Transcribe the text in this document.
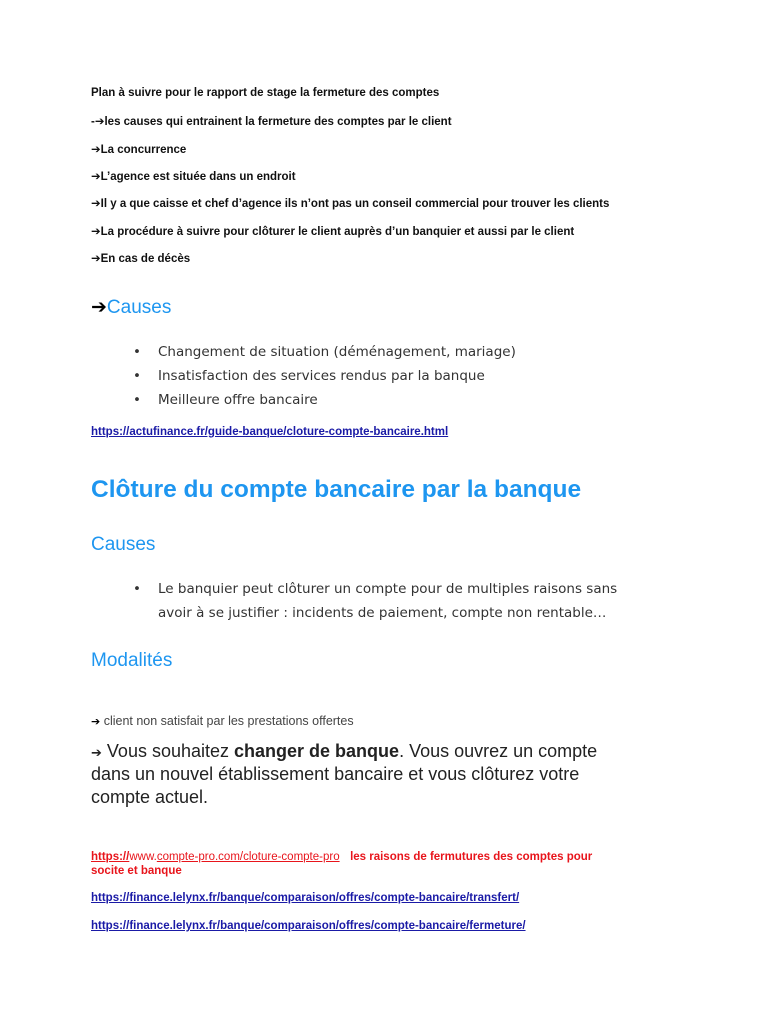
Plan à suivre pour le rapport de stage la fermeture des comptes
-➔les causes qui entrainent la fermeture des comptes par le client
➔La concurrence
➔L’agence est située dans un endroit
➔Il y a que caisse et chef d’agence ils n’ont pas un conseil commercial pour trouver les clients
➔La procédure à suivre pour clôturer le client auprès d’un banquier et aussi par le client
➔En cas de décès
➔Causes
• Changement de situation (déménagement, mariage)
• Insatisfaction des services rendus par la banque
• Meilleure offre bancaire
https://actufinance.fr/guide-banque/cloture-compte-bancaire.html
Clôture du compte bancaire par la banque
Causes
• Le banquier peut clôturer un compte pour de multiples raisons sans
avoir à se justifier : incidents de paiement, compte non rentable…
Modalités
➔ client non satisfait par les prestations offertes
➔ Vous souhaitez changer de banque. Vous ouvrez un compte
dans un nouvel établissement bancaire et vous clôturez votre
compte actuel.
https://www.compte-pro.com/cloture-compte-pro les raisons de fermutures des comptes pour
socite et banque
https://finance.lelynx.fr/banque/comparaison/offres/compte-bancaire/transfert/
https://finance.lelynx.fr/banque/comparaison/offres/compte-bancaire/fermeture/
